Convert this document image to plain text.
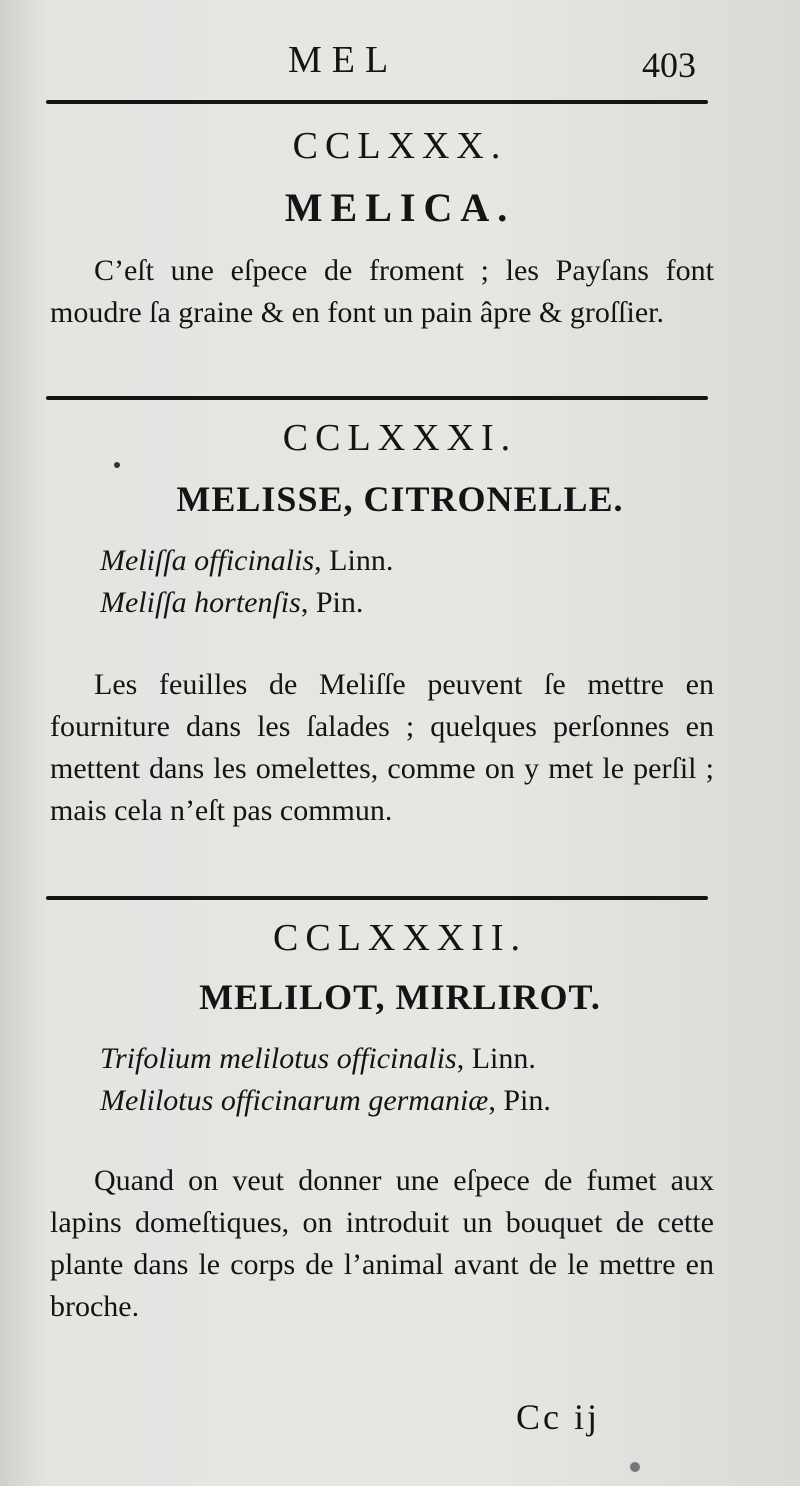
MEL	403
CCLXXX.
MELICA.
C’eſt une eſpece de froment ; les Payſans font moudre ſa graine & en font un pain âpre & groſſier.
CCLXXXI.
MELISSE, CITRONELLE.
Meliſſa officinalis, Linn.
Meliſſa hortenſis, Pin.
Les feuilles de Meliſſe peuvent ſe mettre en fourniture dans les ſalades ; quelques perſonnes en mettent dans les omelettes, comme on y met le perſil ; mais cela n’eſt pas commun.
CCLXXXII.
MELILOT, MIRLIROT.
Trifolium melilotus officinalis, Linn.
Melilotus officinarum germaniæ, Pin.
Quand on veut donner une eſpece de fumet aux lapins domeſtiques, on introduit un bouquet de cette plante dans le corps de l’animal avant de le mettre en broche.
Cc ij
